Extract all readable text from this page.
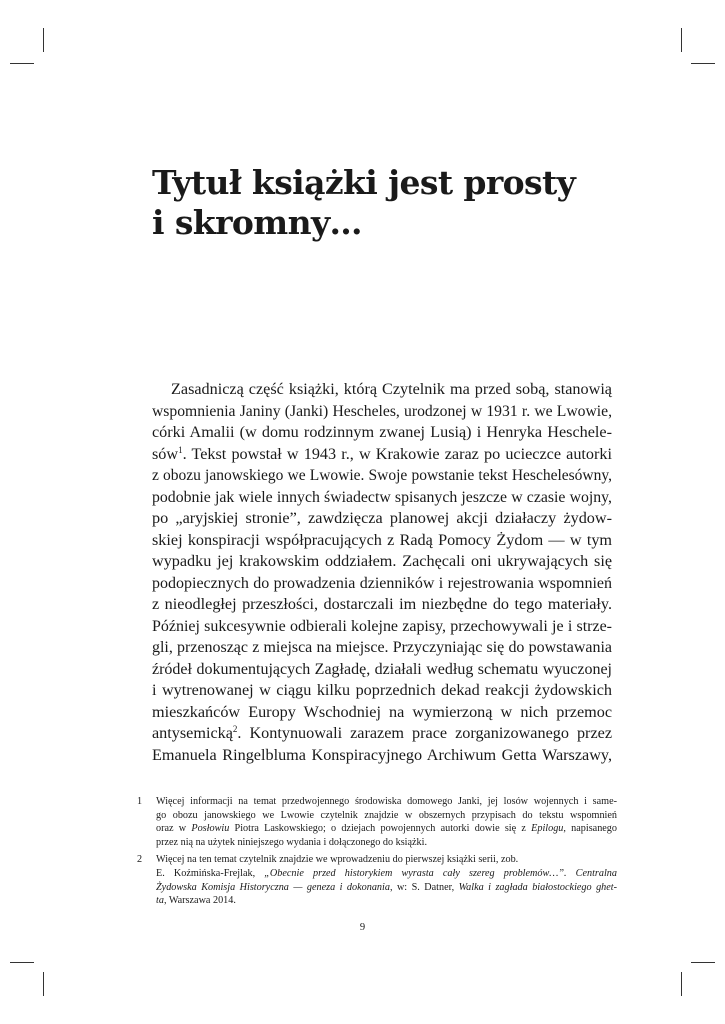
Tytuł książki jest prosty
i skromny…
Zasadniczą część książki, którą Czytelnik ma przed sobą, stanowią
wspomnienia Janiny (Janki) Hescheles, urodzonej w 1931 r. we Lwowie,
córki Amalii (w domu rodzinnym zwanej Lusią) i Henryka Heschele-
sów$^1$. Tekst powstał w 1943 r., w Krakowie zaraz po ucieczce autorki
z obozu janowskiego we Lwowie. Swoje powstanie tekst Heschelesówny,
podobnie jak wiele innych świadectw spisanych jeszcze w czasie wojny,
po „aryjskiej stronie”, zawdzięcza planowej akcji działaczy żydow-
skiej konspiracji współpracujących z Radą Pomocy Żydom — w tym
wypadku jej krakowskim oddziałem. Zachęcali oni ukrywających się
podopiecznych do prowadzenia dzienników i rejestrowania wspomnień
z nieodległej przeszłości, dostarczali im niezbędne do tego materiały.
Później sukcesywnie odbierali kolejne zapisy, przechowywali je i strze-
gli, przenosząc z miejsca na miejsce. Przyczyniając się do powstawania
źródeł dokumentujących Zagładę, działali według schematu wyuczonej
i wytrenowanej w ciągu kilku poprzednich dekad reakcji żydowskich
mieszkańców Europy Wschodniej na wymierzoną w nich przemoc
antysemicką$^2$. Kontynuowali zarazem prace zorganizowanego przez
Emanuela Ringelbluma Konspiracyjnego Archiwum Getta Warszawy,
1 Więcej informacji na temat przedwojennego środowiska domowego Janki, jej losów wojennych i same-
go obozu janowskiego we Lwowie czytelnik znajdzie w obszernych przypisach do tekstu wspomnień
oraz w Posłowiu Piotra Laskowskiego; o dziejach powojennych autorki dowie się z Epilogu, napisanego
przez nią na użytek niniejszego wydania i dołączonego do książki.
2 Więcej na ten temat czytelnik znajdzie we wprowadzeniu do pierwszej książki serii, zob.
E. Koźmińska-Frejlak, „Obecnie przed historykiem wyrasta cały szereg problemów…”. Centralna
Żydowska Komisja Historyczna — geneza i dokonania, w: S. Datner, Walka i zagłada białostockiego ghet-
ta, Warszawa 2014.
9
